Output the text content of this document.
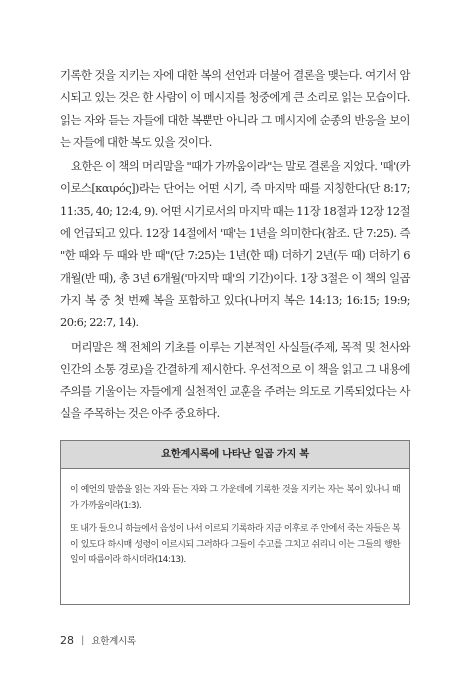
기록한 것을 지키는 자에 대한 복의 선언과 더불어 결론을 맺는다. 여기서 암시되고 있는 것은 한 사람이 이 메시지를 청중에게 큰 소리로 읽는 모습이다. 읽는 자와 듣는 자들에 대한 복뿐만 아니라 그 메시지에 순종의 반응을 보이는 자들에 대한 복도 있을 것이다.

요한은 이 책의 머리말을 "때가 가까움이라"는 말로 결론을 지었다. '때'(카이로스[καιρός])라는 단어는 어떤 시기, 즉 마지막 때를 지칭한다(단 8:17; 11:35, 40; 12:4, 9). 어떤 시기로서의 마지막 때는 11장 18절과 12장 12절에 언급되고 있다. 12장 14절에서 '때'는 1년을 의미한다(참조. 단 7:25). 즉 "한 때와 두 때와 반 때"(단 7:25)는 1년(한 때) 더하기 2년(두 때) 더하기 6개월(반 때), 총 3년 6개월('마지막 때'의 기간)이다. 1장 3절은 이 책의 일곱 가지 복 중 첫 번째 복을 포함하고 있다(나머지 복은 14:13; 16:15; 19:9; 20:6; 22:7, 14).

머리말은 책 전체의 기초를 이루는 기본적인 사실들(주제, 목적 및 천사와 인간의 소통 경로)을 간결하게 제시한다. 우선적으로 이 책을 읽고 그 내용에 주의를 기울이는 자들에게 실천적인 교훈을 주려는 의도로 기록되었다는 사실을 주목하는 것은 아주 중요하다.

요한계시록에 나타난 일곱 가지 복

이 예언의 말씀을 읽는 자와 듣는 자와 그 가운데에 기록한 것을 지키는 자는 복이 있나니 때가 가까움이라(1:3).

또 내가 들으니 하늘에서 음성이 나서 이르되 기록하라 지금 이후로 주 안에서 죽는 자들은 복이 있도다 하시매 성령이 이르시되 그러하다 그들이 수고를 그치고 쉬리니 이는 그들의 행한 일이 따름이라 하시더라(14:13).

28 | 요한계시록
